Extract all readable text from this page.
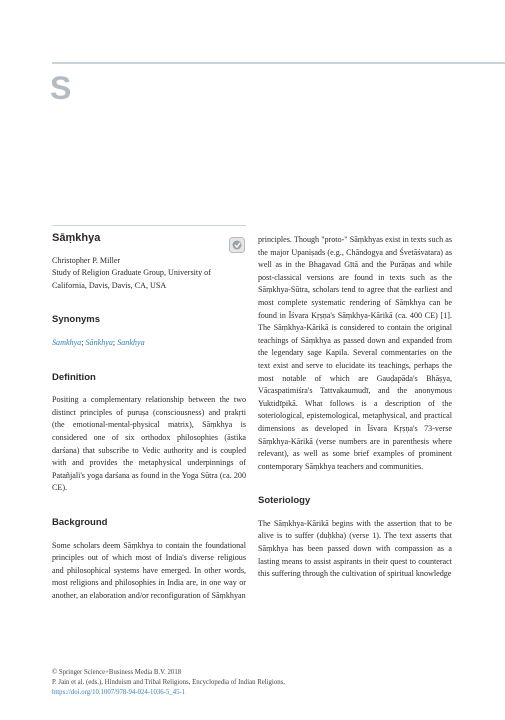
S
Sāṃkhya

Christopher P. Miller

Study of Religion Graduate Group, University of California, Davis, Davis, CA, USA

Synonyms

Samkhya; Sānkhya; Sankhya

Definition

Positing a complementary relationship between the two distinct principles of puruṣa (consciousness) and prakṛti (the emotional-mental-physical matrix), Sāṃkhya is considered one of six orthodox philosophies (āstika darśana) that subscribe to Vedic authority and is coupled with and provides the metaphysical underpinnings of Patañjali's yoga darśana as found in the Yoga Sūtra (ca. 200 CE).

Background

Some scholars deem Sāṃkhya to contain the foundational principles out of which most of India's diverse religious and philosophical systems have emerged. In other words, most religions and philosophies in India are, in one way or another, an elaboration and/or reconfiguration of Sāṃkhyan

principles. Though "proto-" Sāṃkhyas exist in texts such as the major Upaniṣads (e.g., Chāndogya and Śvetāśvatara) as well as in the Bhagavad Gītā and the Purāṇas and while post-classical versions are found in texts such as the Sāṃkhya-Sūtra, scholars tend to agree that the earliest and most complete systematic rendering of Sāṃkhya can be found in Īśvara Kṛṣṇa's Sāṃkhya-Kārikā (ca. 400 CE) [1]. The Sāṃkhya-Kārikā is considered to contain the original teachings of Sāṃkhya as passed down and expanded from the legendary sage Kapila. Several commentaries on the text exist and serve to elucidate its teachings, perhaps the most notable of which are Gauḍapāda's Bhāṣya, Vācaspatimiśra's Tattvakaumudī, and the anonymous Yuktidīpikā. What follows is a description of the soteriological, epistemological, metaphysical, and practical dimensions as developed in Īśvara Kṛṣṇa's 73-verse Sāṃkhya-Kārikā (verse numbers are in parenthesis where relevant), as well as some brief examples of prominent contemporary Sāṃkhya teachers and communities.

Soteriology

The Sāṃkhya-Kārikā begins with the assertion that to be alive is to suffer (duḥkha) (verse 1). The text asserts that Sāṃkhya has been passed down with compassion as a lasting means to assist aspirants in their quest to counteract this suffering through the cultivation of spiritual knowledge

© Springer Science+Business Media B.V. 2018
P. Jain et al. (eds.), Hinduism and Tribal Religions, Encyclopedia of Indian Religions,
https://doi.org/10.1007/978-94-024-1036-5_45-1
